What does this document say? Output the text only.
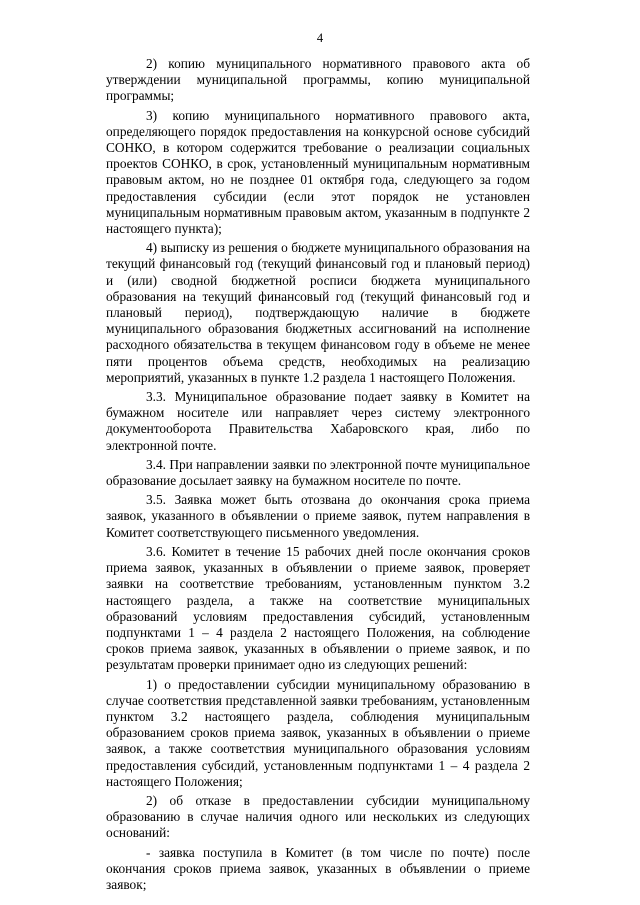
4

2) копию муниципального нормативного правового акта об утверждении муниципальной программы, копию муниципальной программы;

3) копию муниципального нормативного правового акта, определяющего порядок предоставления на конкурсной основе субсидий СОНКО, в котором содержится требование о реализации социальных проектов СОНКО, в срок, установленный муниципальным нормативным правовым актом, но не позднее 01 октября года, следующего за годом предоставления субсидии (если этот порядок не установлен муниципальным нормативным правовым актом, указанным в подпункте 2 настоящего пункта);

4) выписку из решения о бюджете муниципального образования на текущий финансовый год (текущий финансовый год и плановый период) и (или) сводной бюджетной росписи бюджета муниципального образования на текущий финансовый год (текущий финансовый год и плановый период), подтверждающую наличие в бюджете муниципального образования бюджетных ассигнований на исполнение расходного обязательства в текущем финансовом году в объеме не менее пяти процентов объема средств, необходимых на реализацию мероприятий, указанных в пункте 1.2 раздела 1 настоящего Положения.

3.3. Муниципальное образование подает заявку в Комитет на бумажном носителе или направляет через систему электронного документооборота Правительства Хабаровского края, либо по электронной почте.

3.4. При направлении заявки по электронной почте муниципальное образование досылает заявку на бумажном носителе по почте.

3.5. Заявка может быть отозвана до окончания срока приема заявок, указанного в объявлении о приеме заявок, путем направления в Комитет соответствующего письменного уведомления.

3.6. Комитет в течение 15 рабочих дней после окончания сроков приема заявок, указанных в объявлении о приеме заявок, проверяет заявки на соответствие требованиям, установленным пунктом 3.2 настоящего раздела, а также на соответствие муниципальных образований условиям предоставления субсидий, установленным подпунктами 1 – 4 раздела 2 настоящего Положения, на соблюдение сроков приема заявок, указанных в объявлении о приеме заявок, и по результатам проверки принимает одно из следующих решений:

1) о предоставлении субсидии муниципальному образованию в случае соответствия представленной заявки требованиям, установленным пунктом 3.2 настоящего раздела, соблюдения муниципальным образованием сроков приема заявок, указанных в объявлении о приеме заявок, а также соответствия муниципального образования условиям предоставления субсидий, установленным подпунктами 1 – 4 раздела 2 настоящего Положения;

2) об отказе в предоставлении субсидии муниципальному образованию в случае наличия одного или нескольких из следующих оснований:

- заявка поступила в Комитет (в том числе по почте) после окончания сроков приема заявок, указанных в объявлении о приеме заявок;
